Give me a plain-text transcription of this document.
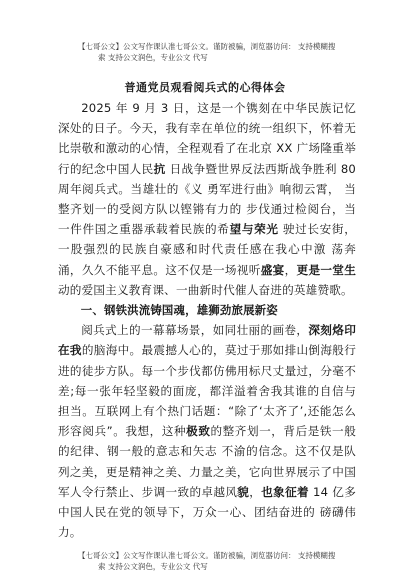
【七哥公文】公文写作课认准七哥公文。谨防被骗，浏览器访问： 支持模糊搜
索 支持公文润色，专业公文 代写
普通党员观看阅兵式的心得体会

2025 年 9 月 3 日，这是一个镌刻在中华民族记忆深处的日子。今天，我有幸在单位的统一组织下，怀着无比崇敬和激动的心情，全程观看了在北京 XX 广场隆重举行的纪念中国人民抗 日战争暨世界反法西斯战争胜利 80 周年阅兵式。当雄壮的《义 勇军进行曲》响彻云霄， 当整齐划一的受阅方队以铿锵有力的 步伐通过检阅台，当一件件国之重器承载着民族的希望与荣光 驶过长安街，一股强烈的民族自豪感和时代责任感在我心中激 荡奔涌，久久不能平息。这不仅是一场视听盛宴，更是一堂生 动的爱国主义教育课、一曲新时代催人奋进的英雄赞歌。

一、钢铁洪流铸国魂，雄狮劲旅展新姿

阅兵式上的一幕幕场景，如同壮丽的画卷，深刻烙印在我的脑海中。最震撼人心的，莫过于那如排山倒海般行进的徒步方队。每一个步伐都仿佛用标尺丈量过，分毫不差;每一张年轻坚毅的面庞，都洋溢着舍我其谁的自信与担当。互联网上有个热门话题：“除了‘太齐了’,还能怎么形容阅兵”。我想，这种极致的整齐划一，背后是铁一般的纪律、钢一般的意志和矢志 不渝的信念。这不仅是队列之美，更是精神之美、力量之美，它向世界展示了中国军人令行禁止、步调一致的卓越风貌，也象征着 14 亿多中国人民在党的领导下，万众一心、团结奋进的 磅礴伟力。

【七哥公文】公文写作课认准七哥公文。谨防被骗，浏览器访问： 支持模糊搜
索 支持公文润色，专业公文 代写
